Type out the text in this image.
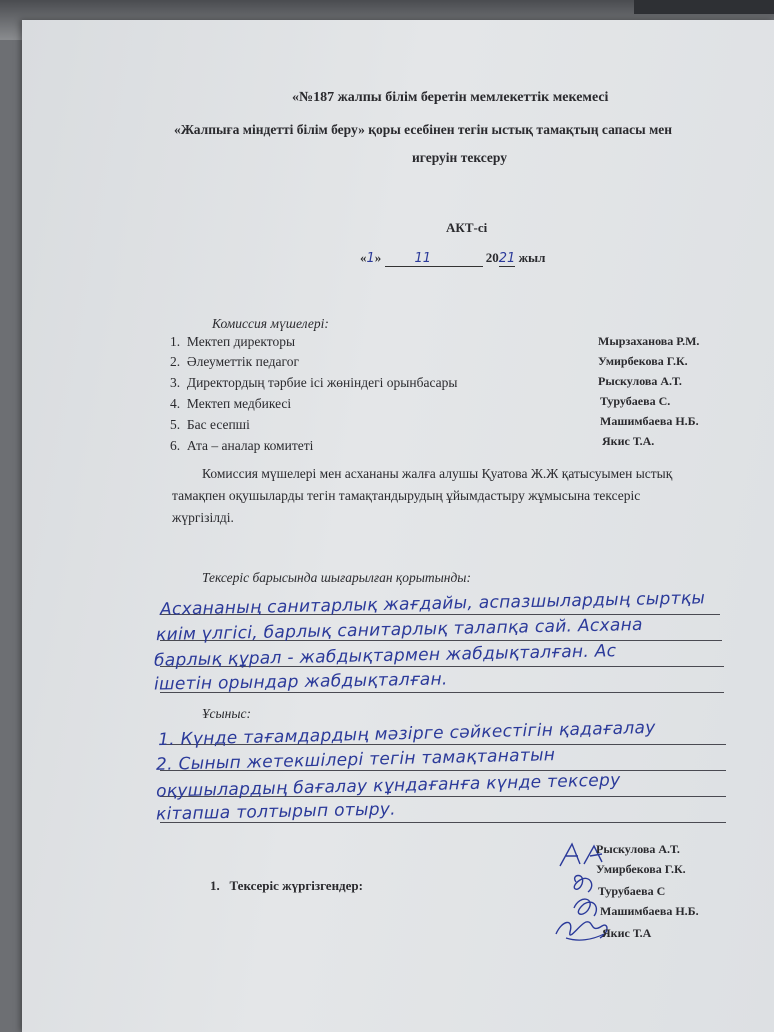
«№187 жалпы білім беретін мемлекеттік мекемесі
«Жалпыға міндетті білім беру» қоры есебінен тегін ыстық тамақтың сапасы мен
игеруін тексеру
АКТ-сі
«1»	11	2021 жыл
Комиссия мүшелері:
1. Мектеп директоры	Мырзаханова Р.М.
2. Әлеуметтік педагог	Умирбекова Г.К.
3. Директордың тәрбие ісі жөніндегі орынбасары	Рыскулова А.Т.
4. Мектеп медбикесі	Турубаева С.
5. Бас есепші	Машимбаева Н.Б.
6. Ата – аналар комитеті	Якис Т.А.
Комиссия мүшелері мен асхананы жалға алушы Қуатова Ж.Ж қатысуымен ыстық
тамақпен оқушыларды тегін тамақтандырудың ұйымдастыру жұмысына тексеріс
жүргізілді.
Тексеріс барысында шығарылған қорытынды:
Асхананың санитарлық жағдайы, аспазшылардың сыртқы
киім үлгісі, барлық санитарлық талапқа сай. Асхана
барлық құрал - жабдықтармен жабдықталған. Ас
ішетін орындар жабдықталған.
Ұсыныс:
1. Күнде тағамдардың мәзірге сәйкестігін қадағалау
2. Сынып жетекшілері тегін тамақтанатын
оқушылардың бағалау кұндағанға күнде тексеру
кітапша толтырып отыру.
1. Тексеріс жүргізгендер:
Рыскулова А.Т.
Умирбекова Г.К.
Турубаева С
Машимбаева Н.Б.
Якис Т.А
